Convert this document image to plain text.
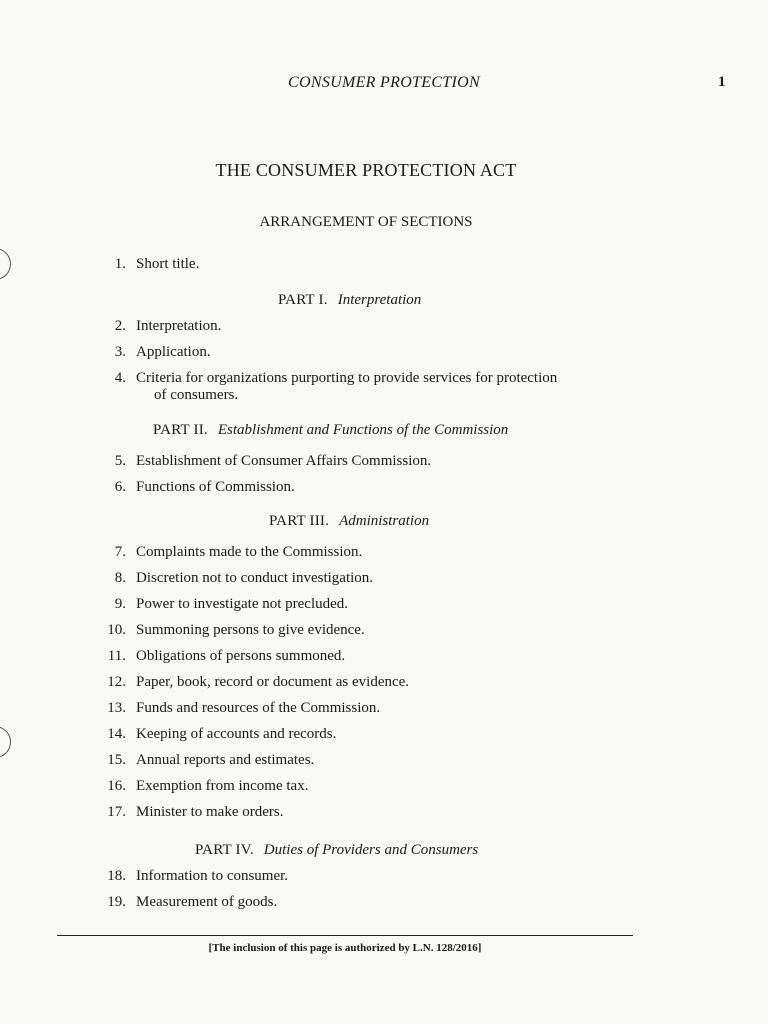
CONSUMER PROTECTION	1
THE CONSUMER PROTECTION ACT
ARRANGEMENT OF SECTIONS
1. Short title.
PART I. Interpretation
2. Interpretation.
3. Application.
4. Criteria for organizations purporting to provide services for protection
of consumers.
PART II. Establishment and Functions of the Commission
5. Establishment of Consumer Affairs Commission.
6. Functions of Commission.
PART III. Administration
7. Complaints made to the Commission.
8. Discretion not to conduct investigation.
9. Power to investigate not precluded.
10. Summoning persons to give evidence.
11. Obligations of persons summoned.
12. Paper, book, record or document as evidence.
13. Funds and resources of the Commission.
14. Keeping of accounts and records.
15. Annual reports and estimates.
16. Exemption from income tax.
17. Minister to make orders.
PART IV. Duties of Providers and Consumers
18. Information to consumer.
19. Measurement of goods.
[The inclusion of this page is authorized by L.N. 128/2016]
